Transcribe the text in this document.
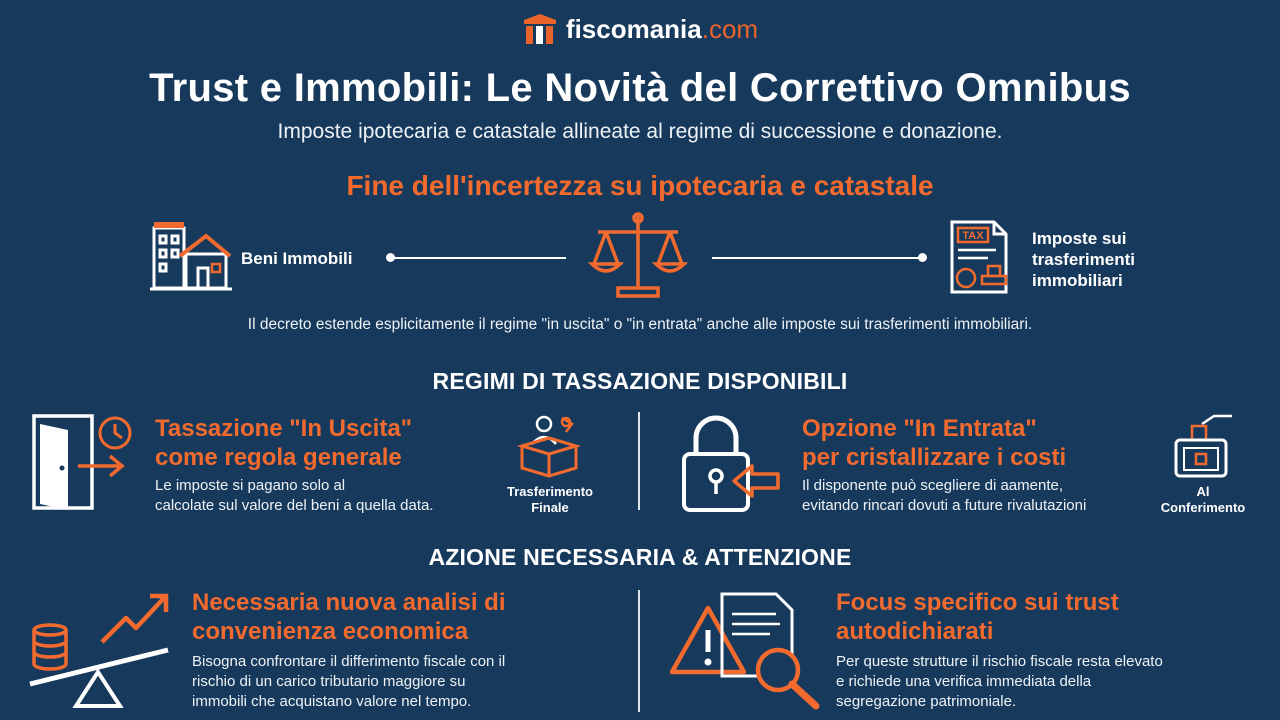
fiscomania.com
Trust e Immobili: Le Novità del Correttivo Omnibus
Imposte ipotecaria e catastale allineate al regime di successione e donazione.
Fine dell'incertezza su ipotecaria e catastale
Beni Immobili
TAX	Imposte sui
trasferimenti
immobiliari
Il decreto estende esplicitamente il regime "in uscita" o "in entrata" anche alle imposte sui trasferimenti immobiliari.
REGIMI DI TASSAZIONE DISPONIBILI
Tassazione "In Uscita"
come regola generale
Le imposte si pagano solo al
calcolate sul valore del beni a quella data.
Trasferimento
Finale
Opzione "In Entrata"
per cristallizzare i costi
Il disponente può scegliere di aamente,
evitando rincari dovuti a future rivalutazioni
Al
Conferimento
AZIONE NECESSARIA & ATTENZIONE
Necessaria nuova analisi di
convenienza economica
Bisogna confrontare il differimento fiscale con il
rischio di un carico tributario maggiore su
immobili che acquistano valore nel tempo.
Focus specifico sui trust
autodichiarati
Per queste strutture il rischio fiscale resta elevato
e richiede una verifica immediata della
segregazione patrimoniale.
